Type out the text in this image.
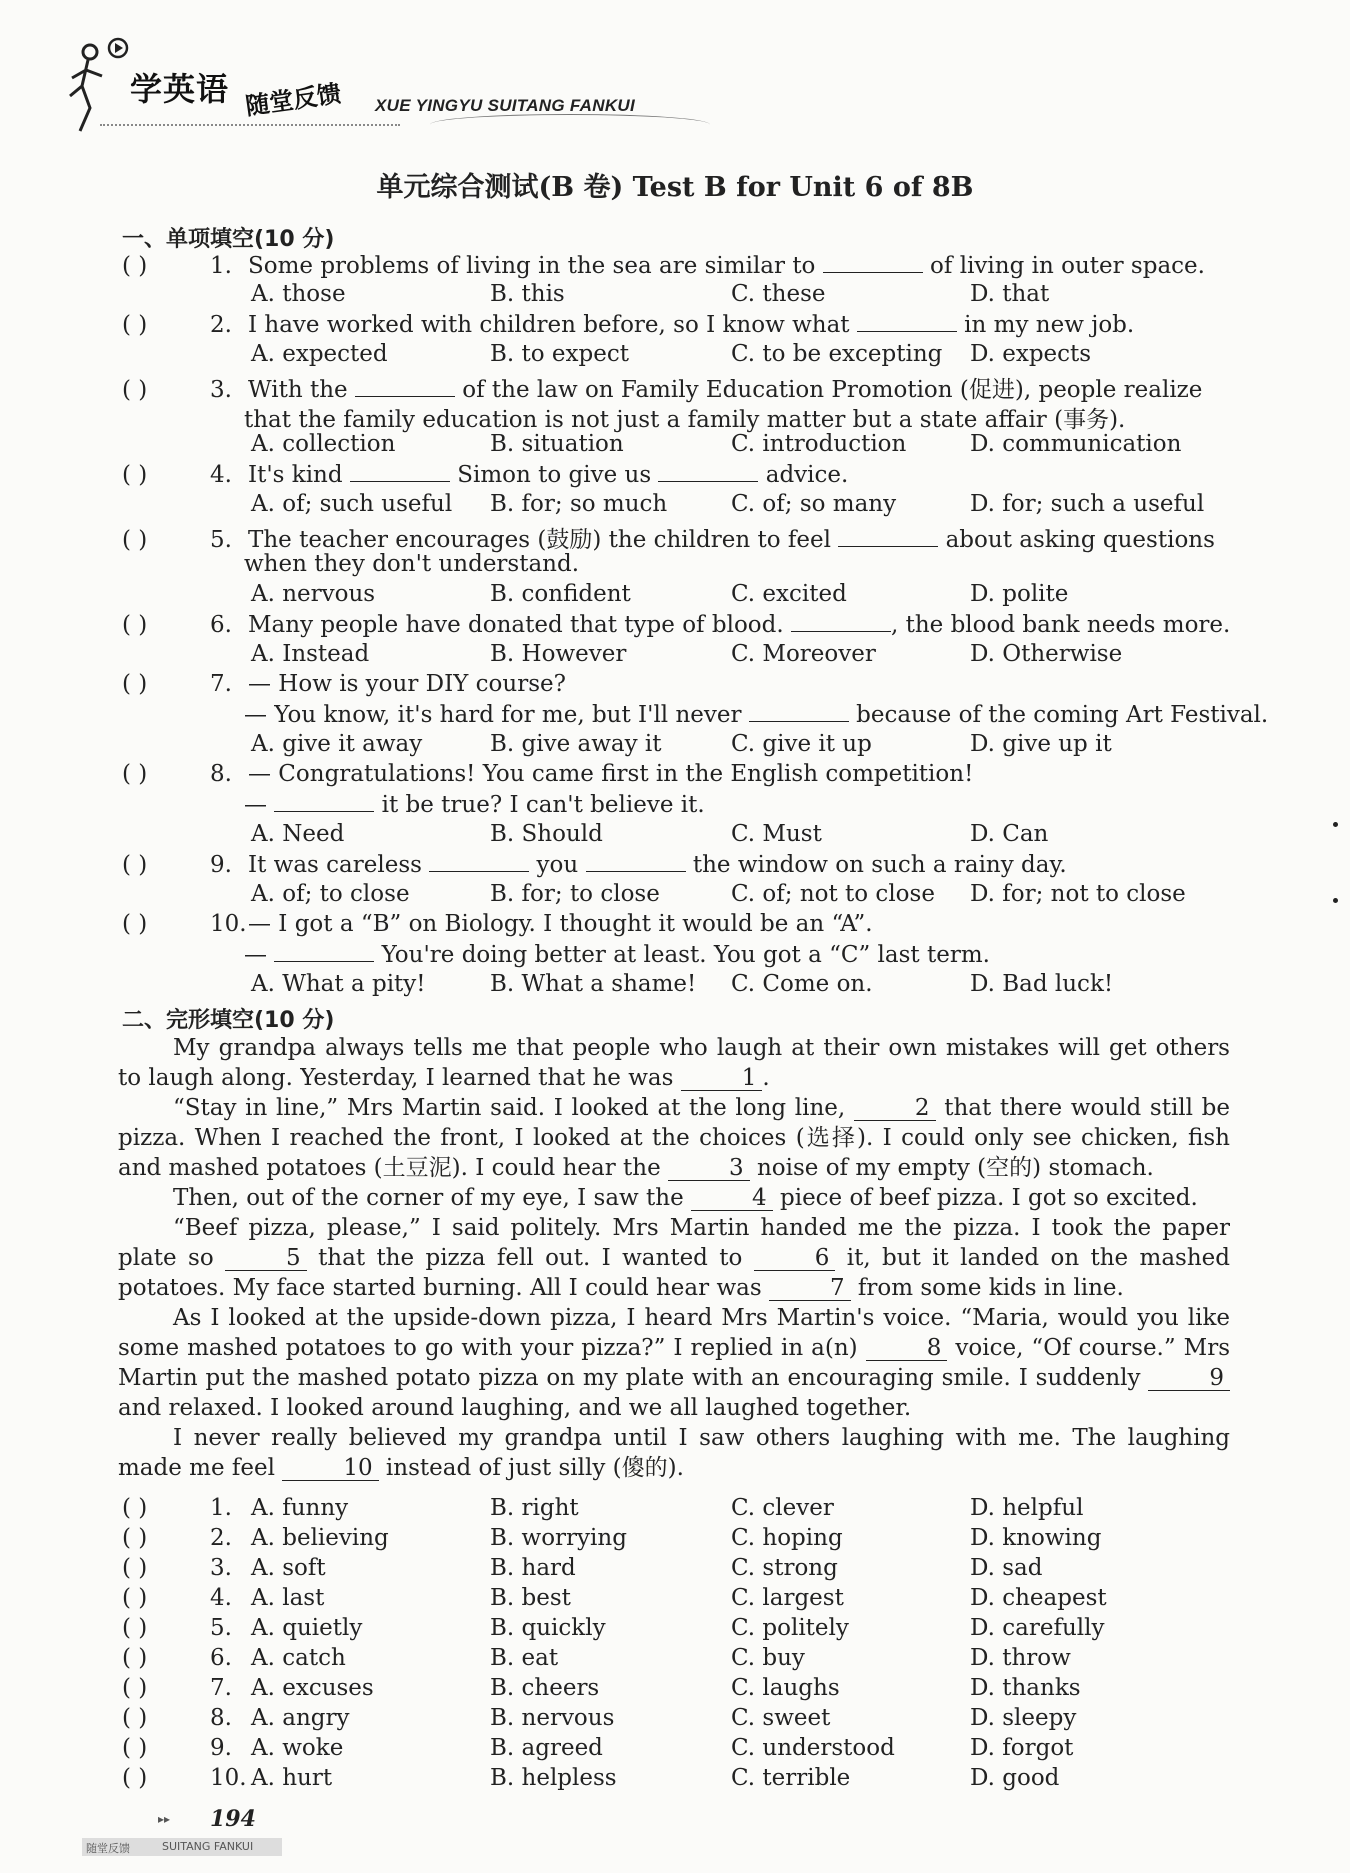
学英语 随堂反馈 XUE YINGYU SUITANG FANKUI
单元综合测试(B 卷) Test B for Unit 6 of 8B
一、单项填空(10 分)
( )	1. Some problems of living in the sea are similar to	of living in outer space.
A. those	B. this	C. these	D. that
( )	2. I have worked with children before, so I know what	in my new job.
A. expected	B. to expect	C. to be excepting D. expects
( )	3. With the	of the law on Family Education Promotion (促进), people realize
that the family education is not just a family matter but a state affair (事务).
A. collection	B. situation	C. introduction	D. communication
( )	4. It's kind	Simon to give us	advice.
A. of; such useful B. for; so much	C. of; so many	D. for; such a useful
( )	5. The teacher encourages (鼓励) the children to feel	about asking questions
when they don't understand.
A. nervous	B. confident	C. excited	D. polite
( )	6. Many people have donated that type of blood.	, the blood bank needs more.
A. Instead	B. However	C. Moreover	D. Otherwise
( )	7. — How is your DIY course?
— You know, it's hard for me, but I'll never	because of the coming Art Festival.
A. give it away	B. give away it	C. give it up	D. give up it
( )	8. — Congratulations! You came first in the English competition!
—	it be true? I can't believe it.
A. Need	B. Should	C. Must	D. Can
( )	9. It was careless	you	the window on such a rainy day.
A. of; to close	B. for; to close	C. of; not to close D. for; not to close
( )	10.— I got a “B” on Biology. I thought it would be an “A”.
—	You're doing better at least. You got a “C” last term.
A. What a pity!	B. What a shame! C. Come on.	D. Bad luck!
二、完形填空(10 分)

My grandpa always tells me that people who laugh at their own mistakes will get others to laugh along. Yesterday, I learned that he was	1 .

“Stay in line,” Mrs Martin said. I looked at the long line,	2 that there would still be pizza. When I reached the front, I looked at the choices (选择). I could only see chicken, fish and mashed potatoes (土豆泥). I could hear the	3 noise of my empty (空的) stomach.

Then, out of the corner of my eye, I saw the	4 piece of beef pizza. I got so excited.

“Beef pizza, please,” I said politely. Mrs Martin handed me the pizza. I took the paper plate so	5 that the pizza fell out. I wanted to	6 it, but it landed on the mashed potatoes. My face started burning. All I could hear was	7 from some kids in line.

As I looked at the upside-down pizza, I heard Mrs Martin's voice. “Maria, would you like some mashed potatoes to go with your pizza?” I replied in a(n)	8 voice, “Of course.” Mrs Martin put the mashed potato pizza on my plate with an encouraging smile. I suddenly	9 and relaxed. I looked around laughing, and we all laughed together.

I never really believed my grandpa until I saw others laughing with me. The laughing made me feel	10 instead of just silly (傻的).

( )	1. A. funny	B. right	C. clever	D. helpful
( )	2. A. believing	B. worrying	C. hoping	D. knowing
( )	3. A. soft	B. hard	C. strong	D. sad
( )	4. A. last	B. best	C. largest	D. cheapest
( )	5. A. quietly	B. quickly	C. politely	D. carefully
( )	6. A. catch	B. eat	C. buy	D. throw
( )	7. A. excuses	B. cheers	C. laughs	D. thanks
( )	8. A. angry	B. nervous	C. sweet	D. sleepy
( )	9. A. woke	B. agreed	C. understood	D. forgot
( )	10. A. hurt	B. helpless	C. terrible	D. good
▸▸ 194
随堂反馈	SUITANG FANKUI
